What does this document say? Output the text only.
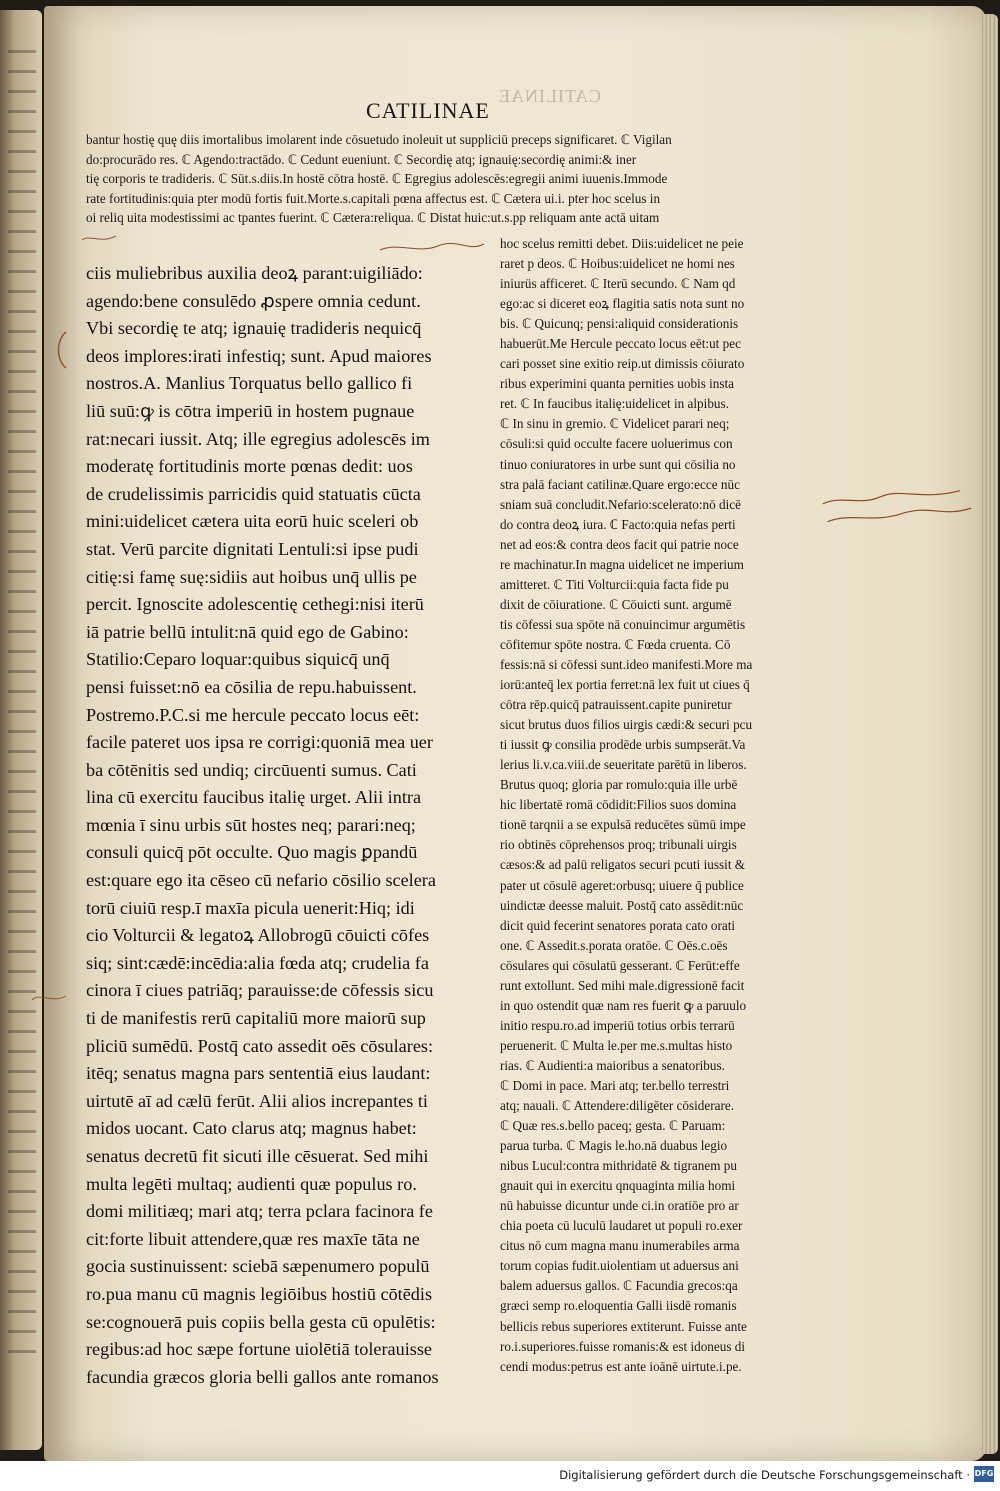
CATILINAE
CATILINAE
bantur hostię quę diis imortalibus imolarent inde cōsuetudo inoleuit ut suppliciū preceps significaret. ℂ Vigilan
do:procurādo res. ℂ Agendo:tractādo. ℂ Cedunt eueniunt. ℂ Secordię atq; ignauię:secordię animi:& iner
tię corporis te tradideris. ℂ Sūt.s.diis.In hostē cōtra hostē. ℂ Egregius adolescēs:egregii animi iuuenis.Immode
rate fortitudinis:quia pter modū fortis fuit.Morte.s.capitali pœna affectus est. ℂ Cætera ui.i. pter hoc scelus in
oi reliq uita modestissimi ac tpantes fuerint. ℂ Cætera:reliqua. ℂ Distat huic:ut.s.pp reliquam ante actā uitam
ciis muliebribus auxilia deoꝝ parant:uigiliādo:
agendo:bene consulēdo ꝓspere omnia cedunt.
Vbi secordię te atq; ignauię tradideris nequicq̄
deos implores:irati infestiq; sunt. Apud maiores
nostros.A. Manlius Torquatus bello gallico fi
liū suū:ꝙ is cōtra imperiū in hostem pugnaue
rat:necari iussit. Atq; ille egregius adolescēs im
moderatę fortitudinis morte pœnas dedit: uos
de crudelissimis parricidis quid statuatis cūcta
mini:uidelicet cætera uita eorū huic sceleri ob
stat. Verū parcite dignitati Lentuli:si ipse pudi
citię:si famę suę:sidiis aut hoibus unq̄ ullis pe
percit. Ignoscite adolescentię cethegi:nisi iterū
iā patrie bellū intulit:nā quid ego de Gabino:
Statilio:Ceparo loquar:quibus siquicq̄ unq̄
pensi fuisset:nō ea cōsilia de repu.habuissent.
Postremo.P.C.si me hercule peccato locus eēt:
facile pateret uos ipsa re corrigi:quoniā mea uer
ba cōtēnitis sed undiq; circūuenti sumus. Cati
lina cū exercitu faucibus italię urget. Alii intra
mœnia ī sinu urbis sūt hostes neq; parari:neq;
consuli quicq̄ pōt occulte. Quo magis ꝑpandū
est:quare ego ita cēseo cū nefario cōsilio scelera
torū ciuiū resp.ī maxīa picula uenerit:Hiq; idi
cio Volturcii & legatoꝝ Allobrogū cōuicti cōfes
siq; sint:cædē:incēdia:alia fœda atq; crudelia fa
cinora ī ciues patriāq; parauisse:de cōfessis sicu
ti de manifestis rerū capitaliū more maiorū sup
pliciū sumēdū. Postq̄ cato assedit oēs cōsulares:
itēq; senatus magna pars sententiā eius laudant:
uirtutē aī ad cælū ferūt. Alii alios increpantes ti
midos uocant. Cato clarus atq; magnus habet:
senatus decretū fit sicuti ille cēsuerat. Sed mihi
multa legēti multaq; audienti quæ populus ro.
domi militiæq; mari atq; terra pclara facinora fe
cit:forte libuit attendere,quæ res maxīe tāta ne
gocia sustinuissent: sciebā sæpenumero populū
ro.pua manu cū magnis legiōibus hostiū cōtēdis
se:cognouerā puis copiis bella gesta cū opulētis:
regibus:ad hoc sæpe fortune uiolētiā tolerauisse
facundia græcos gloria belli gallos ante romanos
hoc scelus remitti debet. Diis:uidelicet ne peie
raret p deos. ℂ Hoibus:uidelicet ne homi nes
iniurüs afficeret. ℂ Iterū secundo. ℂ Nam qd
ego:ac si diceret eoꝝ flagitia satis nota sunt no
bis. ℂ Quicunq; pensi:aliquid considerationis
habuerūt.Me Hercule peccato locus eēt:ut pec
cari posset sine exitio reip.ut dimissis cōiurato
ribus experimini quanta pernities uobis insta
ret. ℂ In faucibus italię:uidelicet in alpibus.
ℂ In sinu in gremio. ℂ Videlicet parari neq;
cōsuli:si quid occulte facere uoluerimus con
tinuo coniuratores in urbe sunt qui cōsilia no
stra palā faciant catilinæ.Quare ergo:ecce nūc
sniam suā concludit.Nefario:scelerato:nō dicē
do contra deoꝝ iura. ℂ Facto:quia nefas perti
net ad eos:& contra deos facit qui patrie noce
re machinatur.In magna uidelicet ne imperium
amitteret. ℂ Titi Volturcii:quia facta fide pu
dixit de cōiuratione. ℂ Cōuicti sunt. argumē
tis cōfessi sua spōte nā conuincimur argumētis
cōfitemur spōte nostra. ℂ Fœda cruenta. Cō
fessis:nā si cōfessi sunt.ideo manifesti.More ma
iorū:anteq̄ lex portia ferret:nā lex fuit ut ciues q̄
cōtra rēp.quicq̄ patrauissent.capite puniretur
sicut brutus duos filios uirgis cædi:& securi pcu
ti iussit ꝙ consilia prodēde urbis sumpserāt.Va
lerius li.v.ca.viii.de seueritate parētū in liberos.
Brutus quoq; gloria par romulo:quia ille urbē
hic libertatē romā cōdidit:Filios suos domina
tionē tarqnii a se expulsā reducētes sūmū impe
rio obtinēs cōprehensos proq; tribunali uirgis
cæsos:& ad palū religatos securi pcuti iussit &
pater ut cōsulē ageret:orbusq; uiuere q̄ publice
uindictæ deesse maluit. Postq̄ cato assēdit:nūc
dicit quid fecerint senatores porata cato orati
one. ℂ Assedit.s.porata oratōe. ℂ Oēs.c.oēs
cōsulares qui cōsulatū gesserant. ℂ Ferūt:effe
runt extollunt. Sed mihi male.digressionē facit
in quo ostendit quæ nam res fuerit ꝙ a paruulo
initio respu.ro.ad imperiū totius orbis terrarū
peruenerit. ℂ Multa le.per me.s.multas histo
rias. ℂ Audienti:a maioribus a senatoribus.
ℂ Domi in pace. Mari atq; ter.bello terrestri
atq; nauali. ℂ Attendere:diligēter cōsiderare.
ℂ Quæ res.s.bello paceq; gesta. ℂ Paruam:
parua turba. ℂ Magis le.ho.nā duabus legio
nibus Lucul:contra mithridatē & tigranem pu
gnauit qui in exercitu qnquaginta milia homi
nū habuisse dicuntur unde ci.in oratiōe pro ar
chia poeta cū luculū laudaret ut populi ro.exer
citus nō cum magna manu inumerabiles arma
torum copias fudit.uiolentiam ut aduersus ani
balem aduersus gallos. ℂ Facundia grecos:qa
græci semp ro.eloquentia Galli iisdē romanis
bellicis rebus superiores extiterunt. Fuisse ante
ro.i.superiores.fuisse romanis:& est idoneus di
cendi modus:petrus est ante ioānē uirtute.i.pe.
Digitalisierung gefördert durch die Deutsche Forschungsgemeinschaft · DFG
